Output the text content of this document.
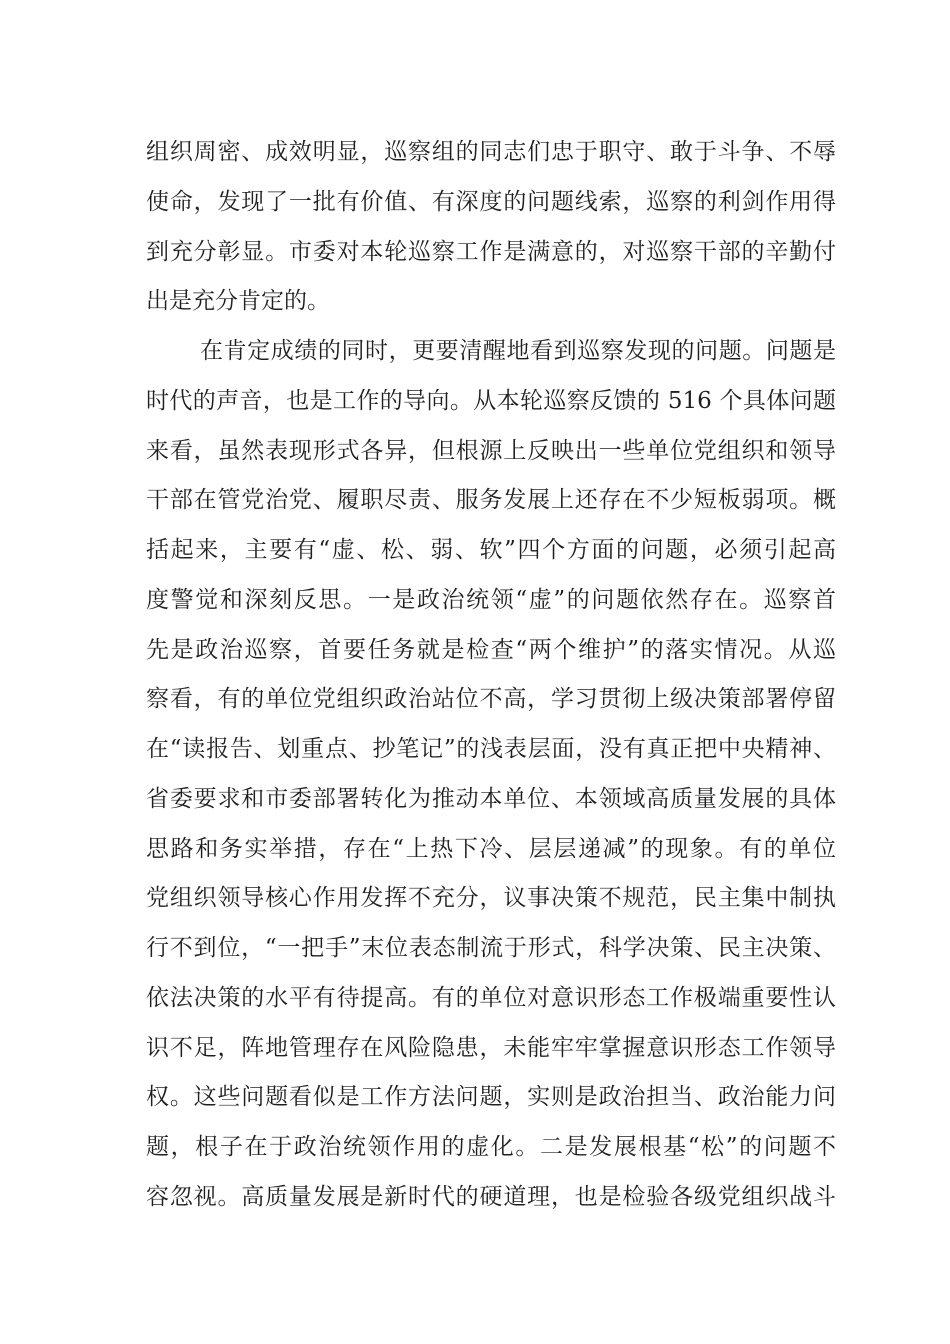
组织周密、成效明显，巡察组的同志们忠于职守、敢于斗争、不辱
使命，发现了一批有价值、有深度的问题线索，巡察的利剑作用得
到充分彰显。市委对本轮巡察工作是满意的，对巡察干部的辛勤付
出是充分肯定的。
在肯定成绩的同时，更要清醒地看到巡察发现的问题。问题是
时代的声音，也是工作的导向。从本轮巡察反馈的 516 个具体问题
来看，虽然表现形式各异，但根源上反映出一些单位党组织和领导
干部在管党治党、履职尽责、服务发展上还存在不少短板弱项。概
括起来，主要有“虚、松、弱、软”四个方面的问题，必须引起高
度警觉和深刻反思。一是政治统领“虚”的问题依然存在。巡察首
先是政治巡察，首要任务就是检查“两个维护”的落实情况。从巡
察看，有的单位党组织政治站位不高，学习贯彻上级决策部署停留
在“读报告、划重点、抄笔记”的浅表层面，没有真正把中央精神、
省委要求和市委部署转化为推动本单位、本领域高质量发展的具体
思路和务实举措，存在“上热下冷、层层递减”的现象。有的单位
党组织领导核心作用发挥不充分，议事决策不规范，民主集中制执
行不到位，“一把手”末位表态制流于形式，科学决策、民主决策、
依法决策的水平有待提高。有的单位对意识形态工作极端重要性认
识不足，阵地管理存在风险隐患，未能牢牢掌握意识形态工作领导
权。这些问题看似是工作方法问题，实则是政治担当、政治能力问
题，根子在于政治统领作用的虚化。二是发展根基“松”的问题不
容忽视。高质量发展是新时代的硬道理，也是检验各级党组织战斗
